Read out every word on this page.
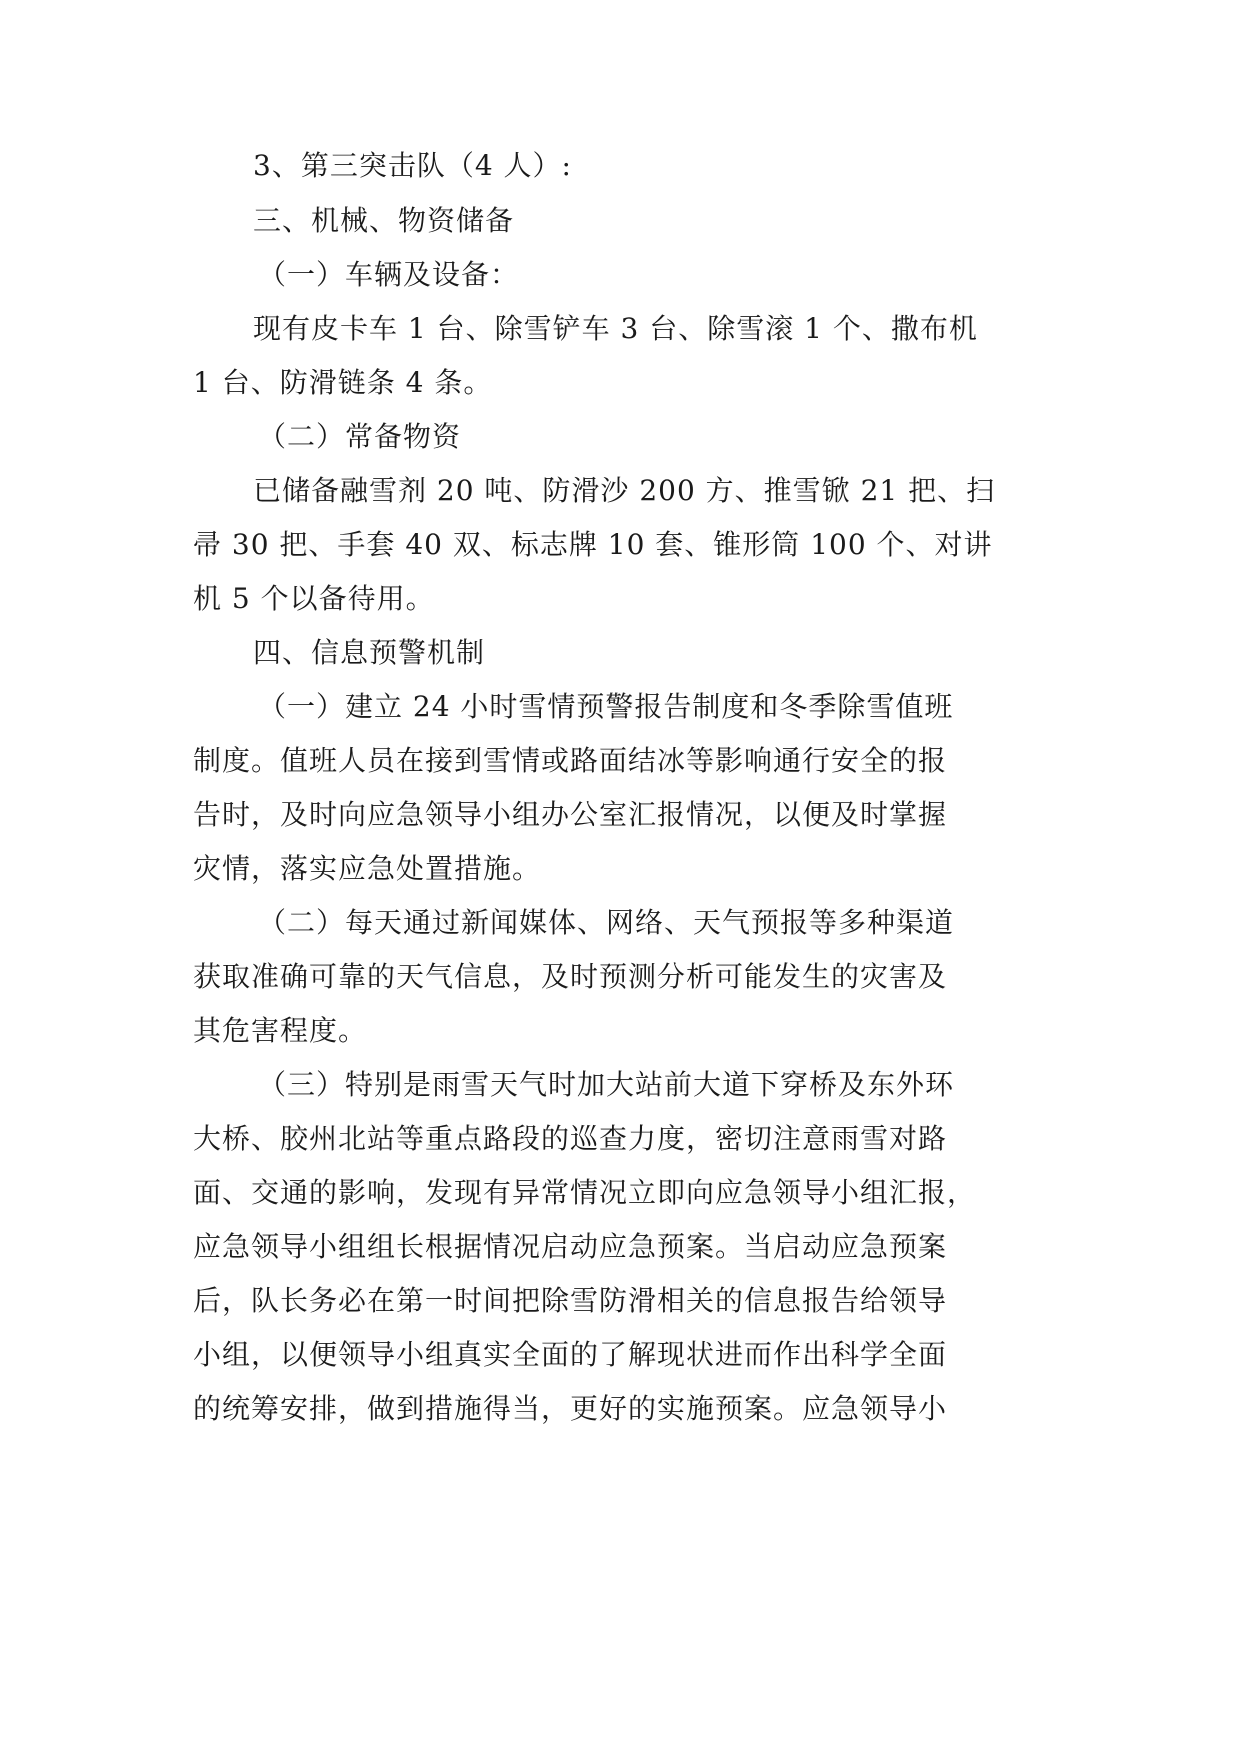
3、第三突击队（4 人）:
三、机械、物资储备
（一）车辆及设备：
现有皮卡车 1 台、除雪铲车 3 台、除雪滚 1 个、撒布机
1 台、防滑链条 4 条。
（二）常备物资
已储备融雪剂 20 吨、防滑沙 200 方、推雪锨 21 把、扫
帚 30 把、手套 40 双、标志牌 10 套、锥形筒 100 个、对讲
机 5 个以备待用。
四、信息预警机制
（一）建立 24 小时雪情预警报告制度和冬季除雪值班
制度。值班人员在接到雪情或路面结冰等影响通行安全的报
告时，及时向应急领导小组办公室汇报情况，以便及时掌握
灾情，落实应急处置措施。
（二）每天通过新闻媒体、网络、天气预报等多种渠道
获取准确可靠的天气信息，及时预测分析可能发生的灾害及
其危害程度。
（三）特别是雨雪天气时加大站前大道下穿桥及东外环
大桥、胶州北站等重点路段的巡查力度，密切注意雨雪对路
面、交通的影响，发现有异常情况立即向应急领导小组汇报，
应急领导小组组长根据情况启动应急预案。当启动应急预案
后，队长务必在第一时间把除雪防滑相关的信息报告给领导
小组，以便领导小组真实全面的了解现状进而作出科学全面
的统筹安排，做到措施得当，更好的实施预案。应急领导小
